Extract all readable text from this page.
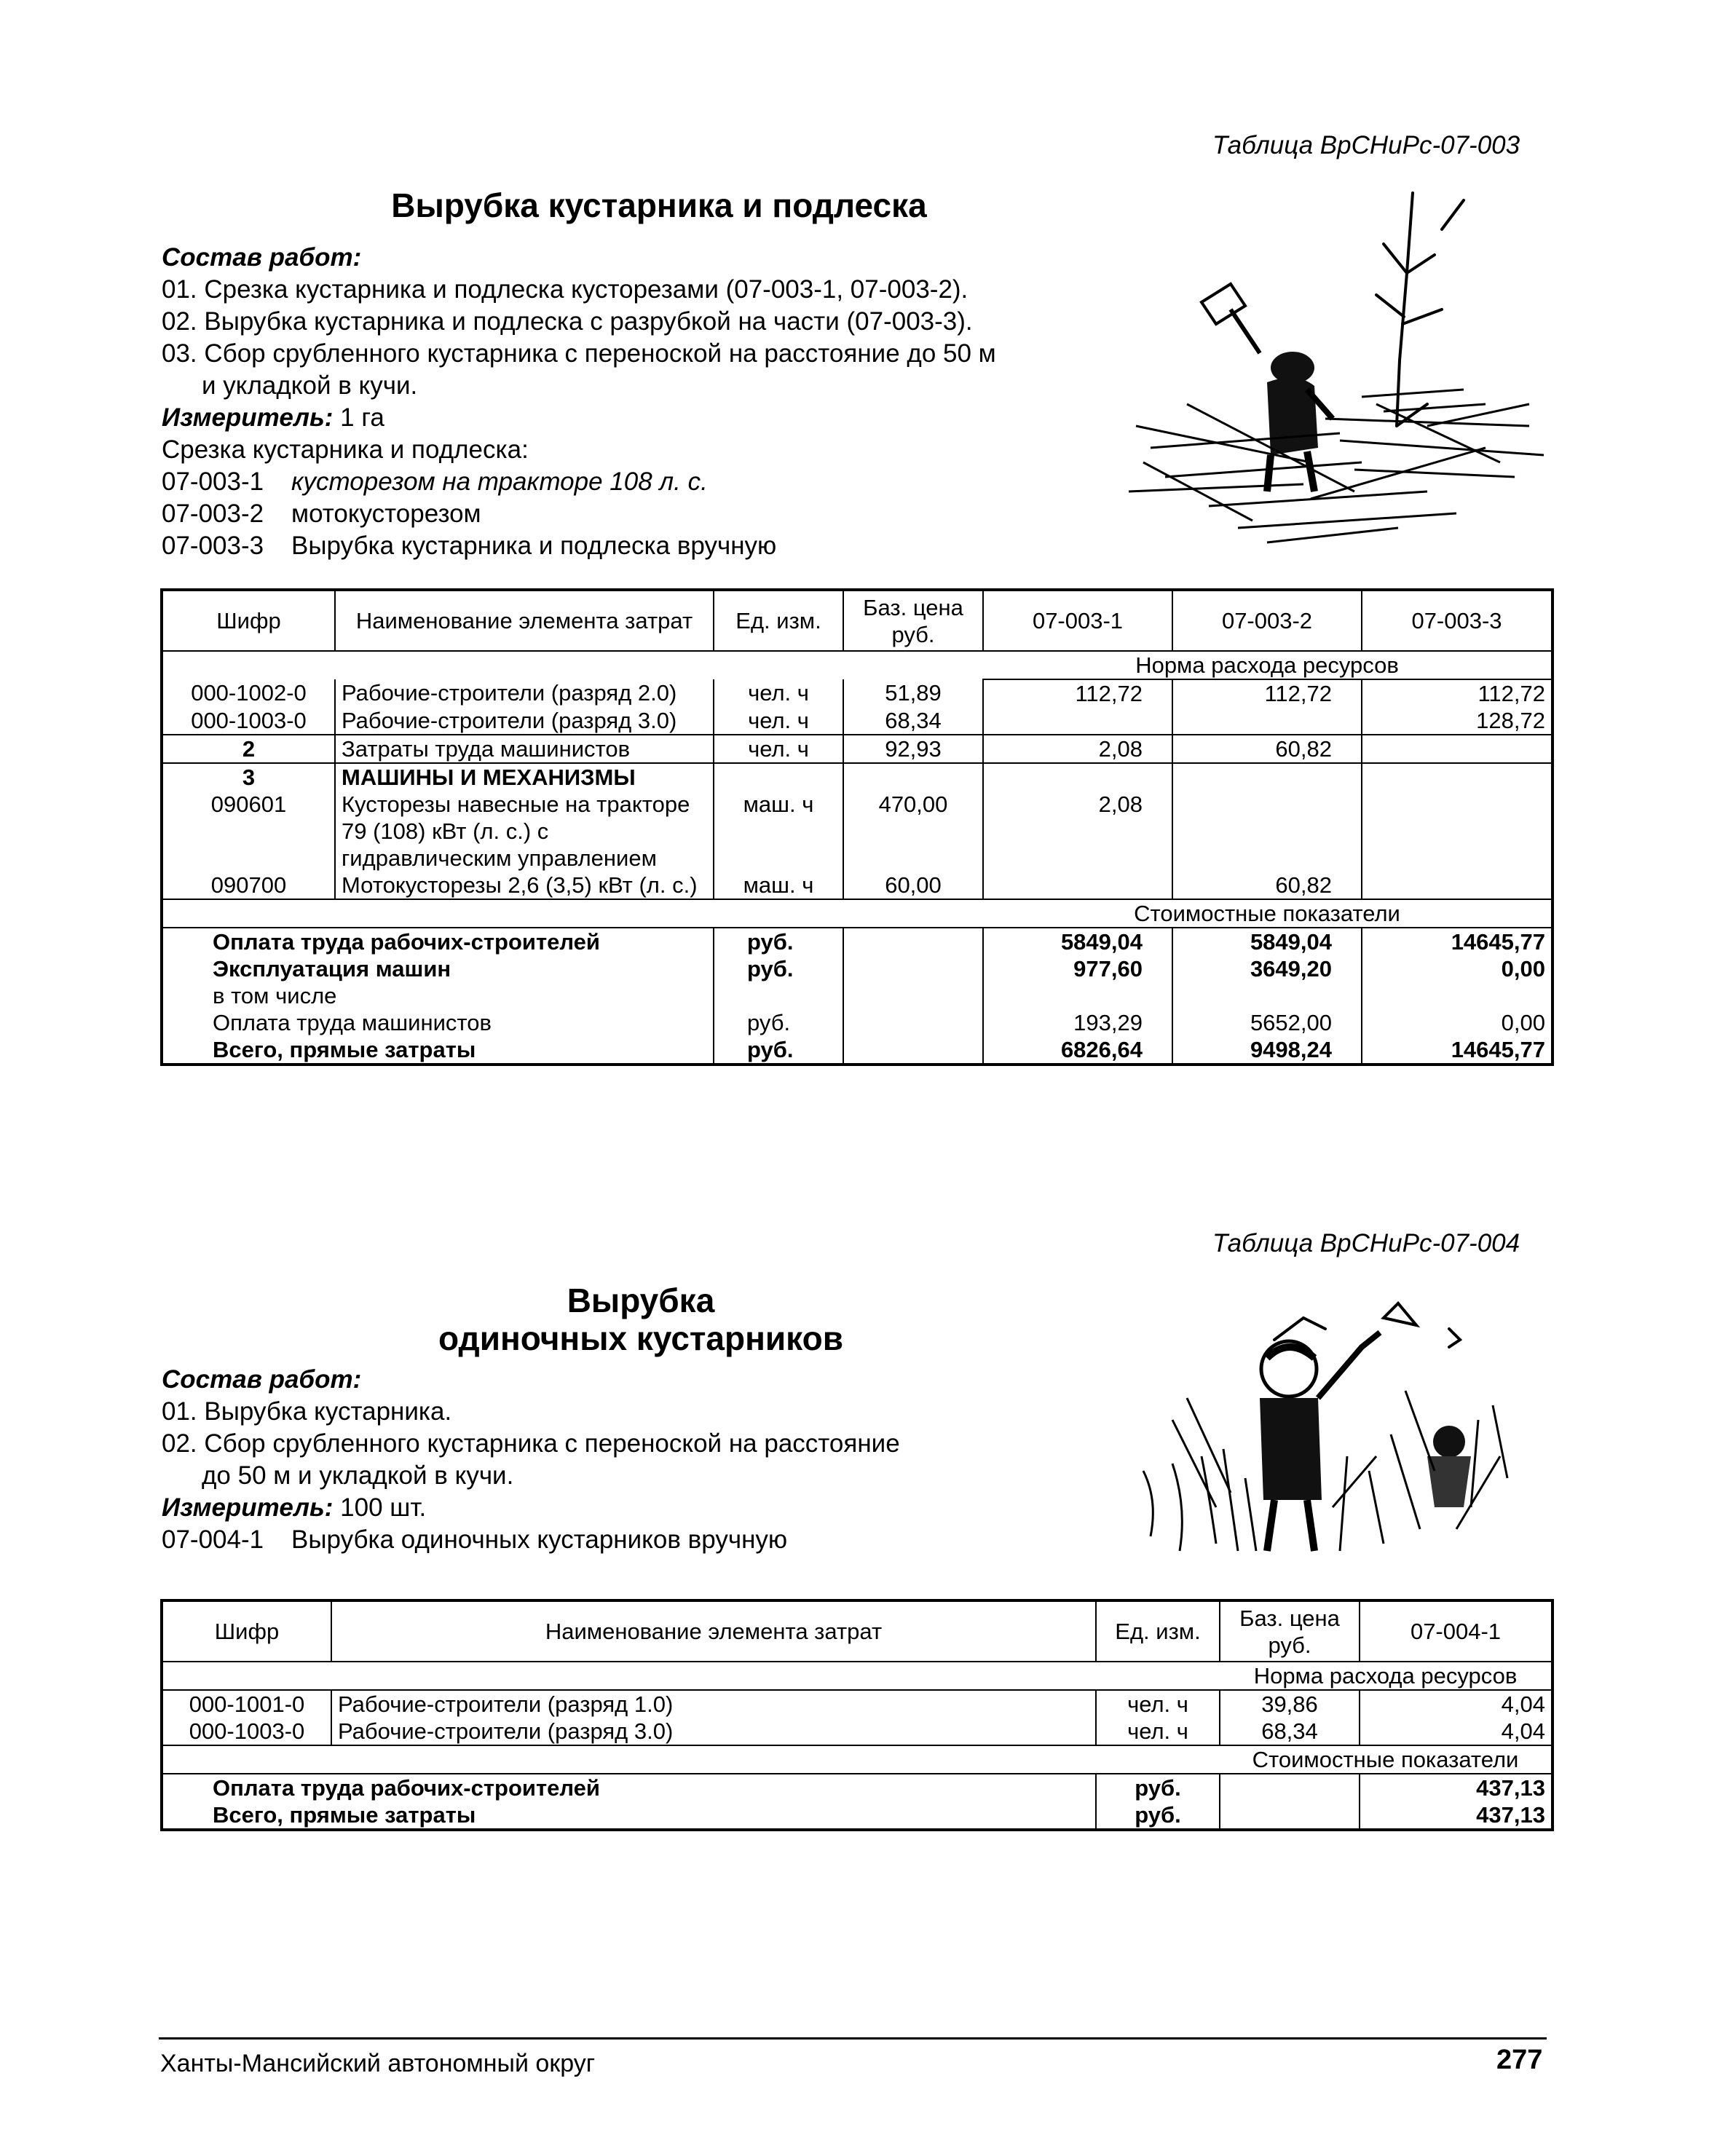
Таблица ВрСНиРс-07-003
Вырубка кустарника и подлеска

Состав работ:

01. Срезка кустарника и подлеска кусторезами (07-003-1, 07-003-2).

02. Вырубка кустарника и подлеска с разрубкой на части (07-003-3).

03. Сбор срубленного кустарника с переноской на расстояние до 50 м

и укладкой в кучи.

Измеритель: 1 га

Срезка кустарника и подлеска:

07-003-1 кусторезом на тракторе 108 л. с.

07-003-2 мотокусторезом

07-003-3 Вырубка кустарника и подлеска вручную

Шифр	Наименование элемента затрат	Ед. изм.	Баз. цена руб.	07-003-1	07-003-2	07-003-3
				Норма расхода ресурсов		
000-1002-0	Рабочие-строители (разряд 2.0)	чел. ч	51,89	112,72	112,72	112,72
000-1003-0	Рабочие-строители (разряд 3.0)	чел. ч	68,34			128,72
2	Затраты труда машинистов	чел. ч	92,93	2,08	60,82	
3	МАШИНЫ И МЕХАНИЗМЫ					
090601	Кусторезы навесные на тракторе 79 (108) кВт (л. с.) с гидравлическим управлением	маш. ч	470,00	2,08		
090700	Мотокусторезы 2,6 (3,5) кВт (л. с.)	маш. ч	60,00		60,82	
				Стоимостные показатели		
Оплата труда рабочих-строителей		руб.		5849,04	5849,04	14645,77
Эксплуатация машин		руб.		977,60	3649,20	0,00
в том числе						
Оплата труда машинистов		руб.		193,29	5652,00	0,00
Всего, прямые затраты		руб.		6826,64	9498,24	14645,77
Таблица ВрСНиРс-07-004
Вырубка
одиночных кустарников

Состав работ:

01. Вырубка кустарника.

02. Сбор срубленного кустарника с переноской на расстояние

до 50 м и укладкой в кучи.

Измеритель: 100 шт.

07-004-1 Вырубка одиночных кустарников вручную

Шифр	Наименование элемента затрат	Ед. изм.	Баз. цена руб.	07-004-1
			Норма расхода ресурсов	
000-1001-0	Рабочие-строители (разряд 1.0)	чел. ч	39,86	4,04
000-1003-0	Рабочие-строители (разряд 3.0)	чел. ч	68,34	4,04
			Стоимостные показатели	
Оплата труда рабочих-строителей		руб.		437,13
Всего, прямые затраты		руб.		437,13
Ханты-Мансийский автономный округ	277
